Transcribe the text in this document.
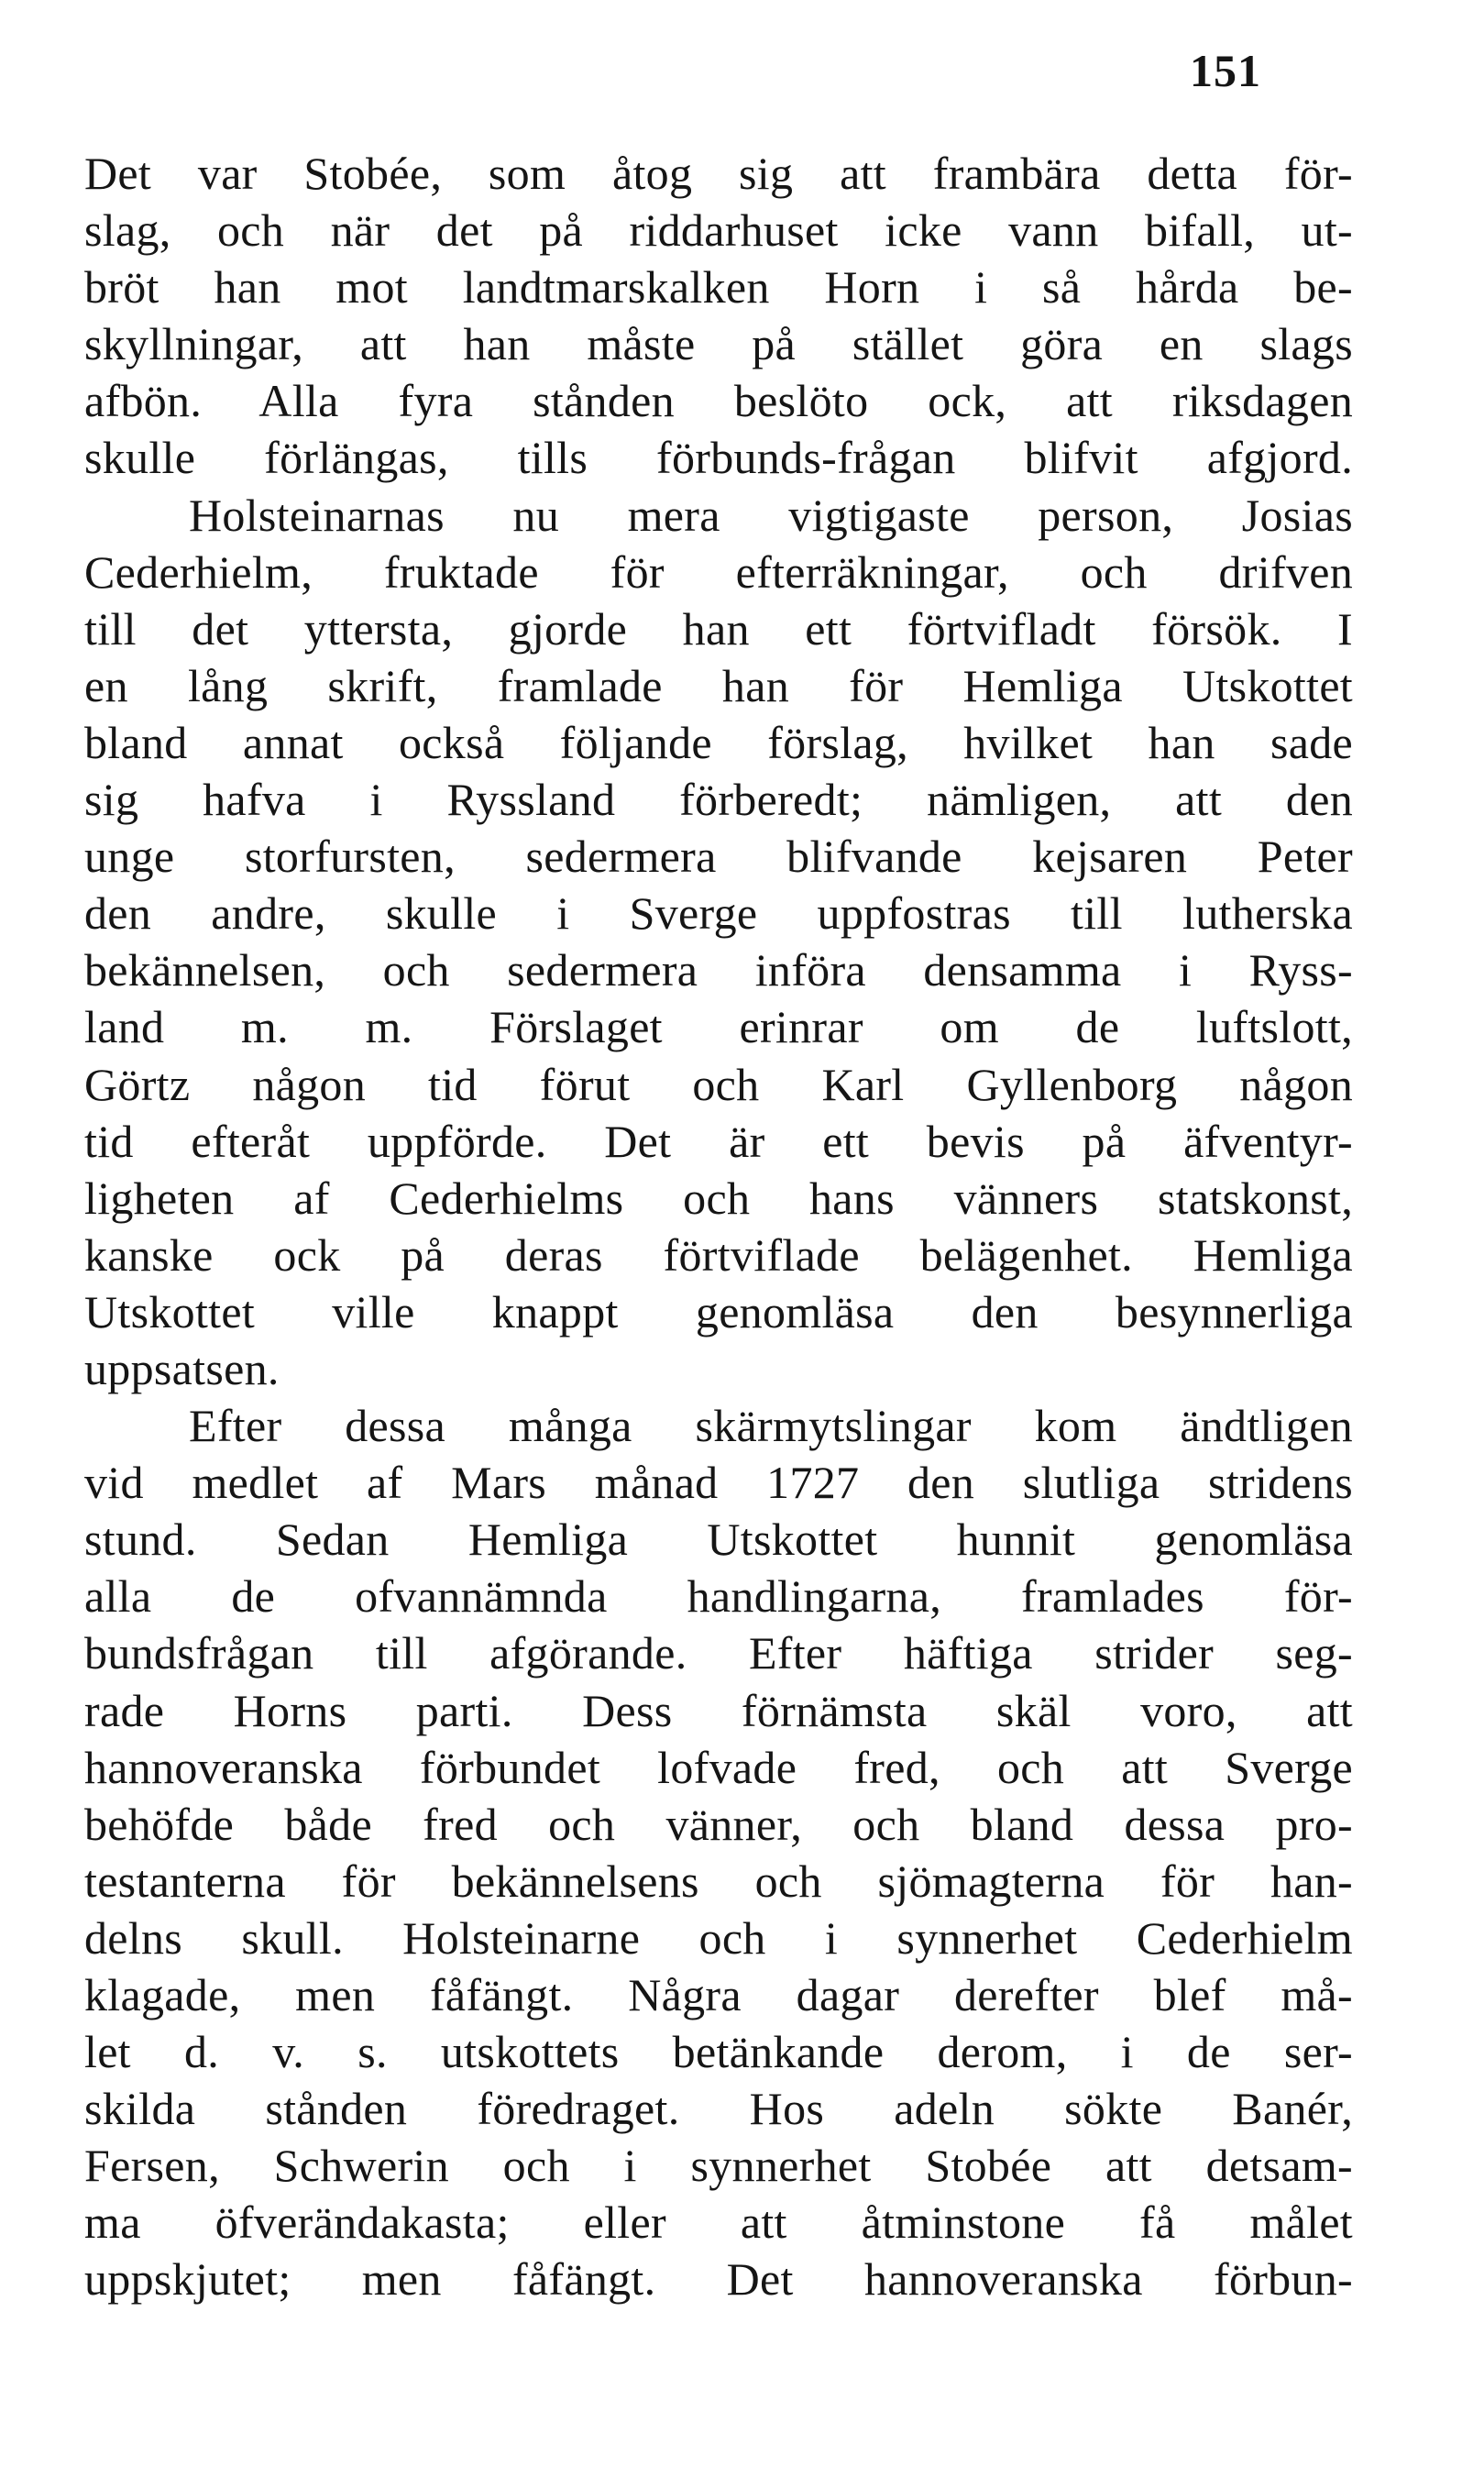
151
Det var Stobée, som åtog sig att frambära detta för-
slag, och när det på riddarhuset icke vann bifall, ut-
bröt han mot landtmarskalken Horn i så hårda be-
skyllningar, att han måste på stället göra en slags
afbön. Alla fyra stånden beslöto ock, att riksdagen
skulle förlängas, tills förbunds-frågan blifvit afgjord.
Holsteinarnas nu mera vigtigaste person, Josias
Cederhielm, fruktade för efterräkningar, och drifven
till det yttersta, gjorde han ett förtvifladt försök. I
en lång skrift, framlade han för Hemliga Utskottet
bland annat också följande förslag, hvilket han sade
sig hafva i Ryssland förberedt; nämligen, att den
unge storfursten, sedermera blifvande kejsaren Peter
den andre, skulle i Sverge uppfostras till lutherska
bekännelsen, och sedermera införa densamma i Ryss-
land m. m. Förslaget erinrar om de luftslott,
Görtz någon tid förut och Karl Gyllenborg någon
tid efteråt uppförde. Det är ett bevis på äfventyr-
ligheten af Cederhielms och hans vänners statskonst,
kanske ock på deras förtviflade belägenhet. Hemliga
Utskottet ville knappt genomläsa den besynnerliga
uppsatsen.
Efter dessa många skärmytslingar kom ändtligen
vid medlet af Mars månad 1727 den slutliga stridens
stund. Sedan Hemliga Utskottet hunnit genomläsa
alla de ofvannämnda handlingarna, framlades för-
bundsfrågan till afgörande. Efter häftiga strider seg-
rade Horns parti. Dess förnämsta skäl voro, att
hannoveranska förbundet lofvade fred, och att Sverge
behöfde både fred och vänner, och bland dessa pro-
testanterna för bekännelsens och sjömagterna för han-
delns skull. Holsteinarne och i synnerhet Cederhielm
klagade, men fåfängt. Några dagar derefter blef må-
let d. v. s. utskottets betänkande derom, i de ser-
skilda stånden föredraget. Hos adeln sökte Banér,
Fersen, Schwerin och i synnerhet Stobée att detsam-
ma öfverändakasta; eller att åtminstone få målet
uppskjutet; men fåfängt. Det hannoveranska förbun-
